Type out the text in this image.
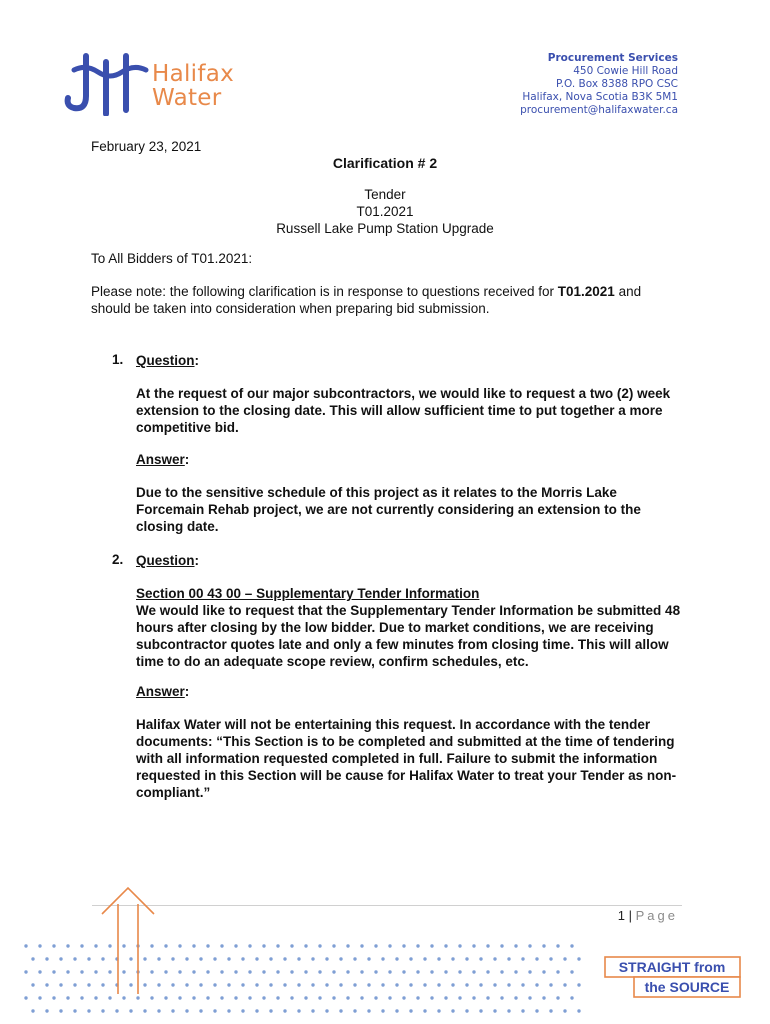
Halifax
Water
Procurement Services
450 Cowie Hill Road
P.O. Box 8388 RPO CSC
Halifax, Nova Scotia B3K 5M1
procurement@halifaxwater.ca
February 23, 2021
Clarification # 2
To All Bidders of T01.2021:
Please note: the following clarification is in response to questions received for T01.2021 and should be taken into consideration when preparing bid submission.
1. Question:
At the request of our major subcontractors, we would like to request a two (2) week extension to the closing date. This will allow sufficient time to put together a more competitive bid.
Answer:
Due to the sensitive schedule of this project as it relates to the Morris Lake Forcemain Rehab project, we are not currently considering an extension to the closing date.
2. Question:
Section 00 43 00 – Supplementary Tender Information
We would like to request that the Supplementary Tender Information be submitted 48 hours after closing by the low bidder. Due to market conditions, we are receiving subcontractor quotes late and only a few minutes from closing time. This will allow time to do an adequate scope review, confirm schedules, etc.
Answer:
Halifax Water will not be entertaining this request. In accordance with the tender documents: “This Section is to be completed and submitted at the time of tendering with all information requested completed in full. Failure to submit the information requested in this Section will be cause for Halifax Water to treat your Tender as non-compliant.”
1 | Page
STRAIGHT from
the SOURCE
Tender
T01.2021
Russell Lake Pump Station Upgrade
